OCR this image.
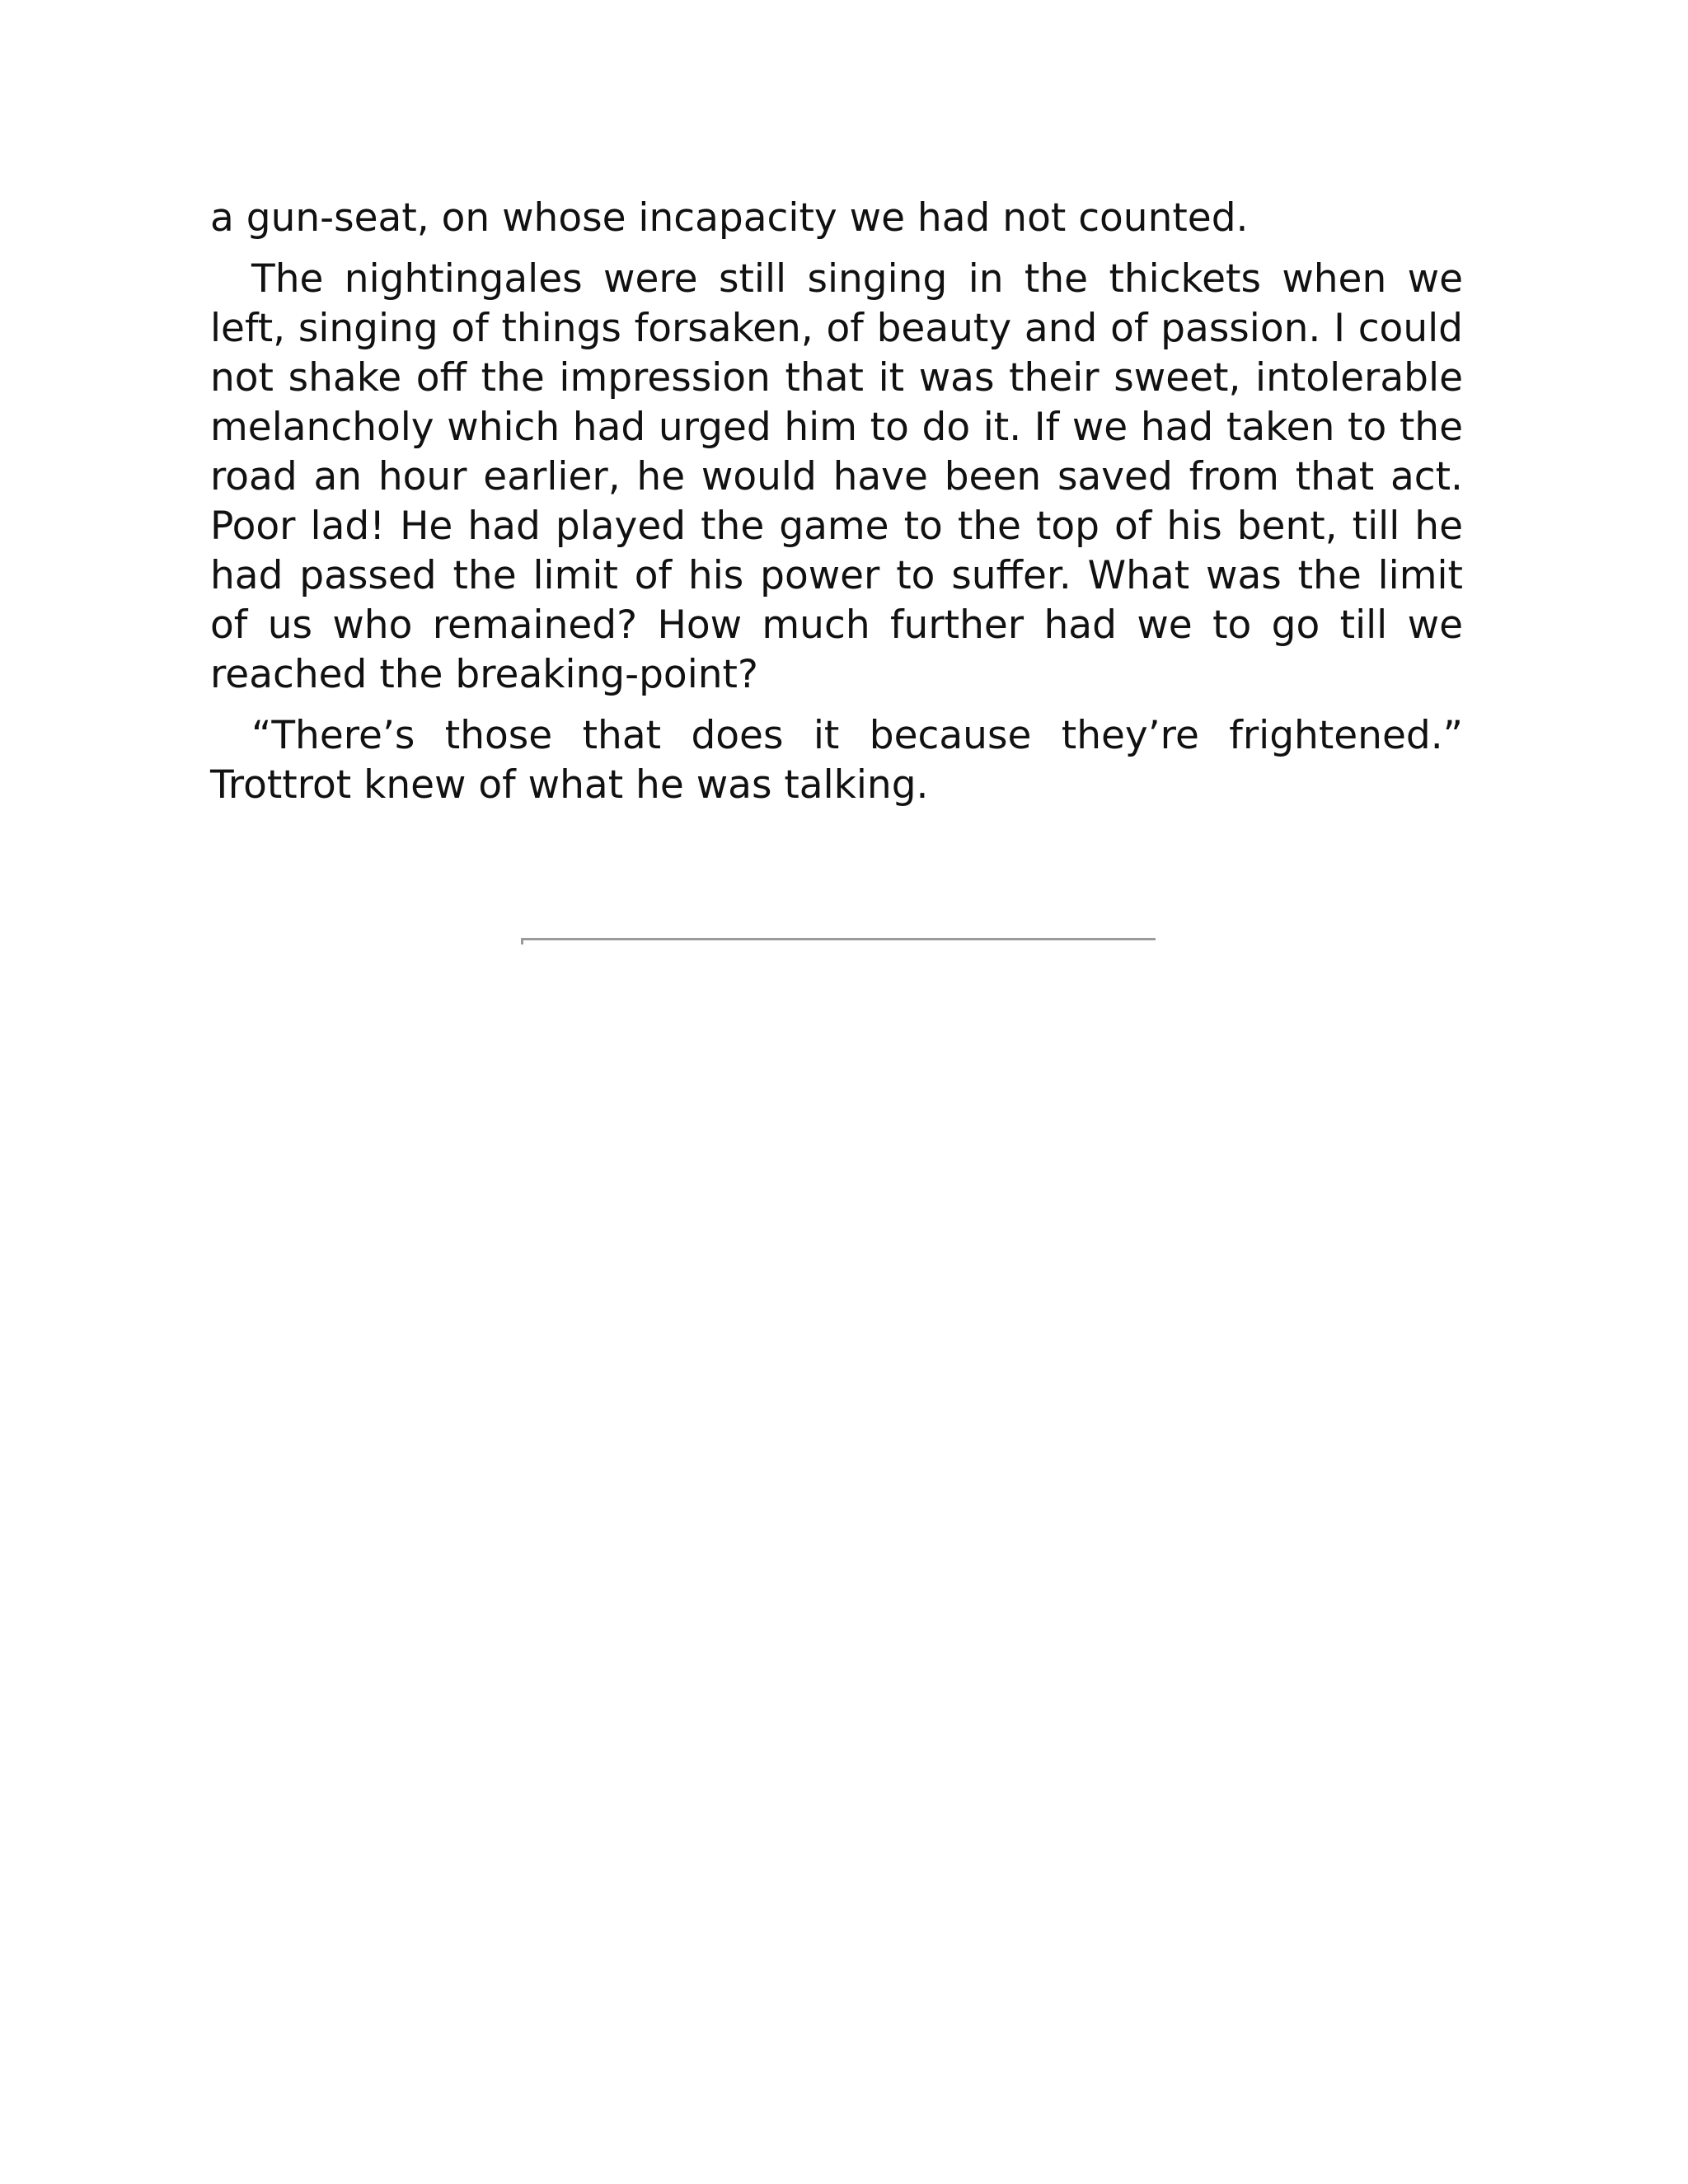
a gun-seat, on whose incapacity we had not counted.

The nightingales were still singing in the thickets when we left, singing of things forsaken, of beauty and of passion. I could not shake off the impression that it was their sweet, intolerable melancholy which had urged him to do it. If we had taken to the road an hour earlier, he would have been saved from that act. Poor lad! He had played the game to the top of his bent, till he had passed the limit of his power to suffer. What was the limit of us who remained? How much further had we to go till we reached the breaking-point?

“There’s those that does it because they’re frightened.” Trottrot knew of what he was talking.
